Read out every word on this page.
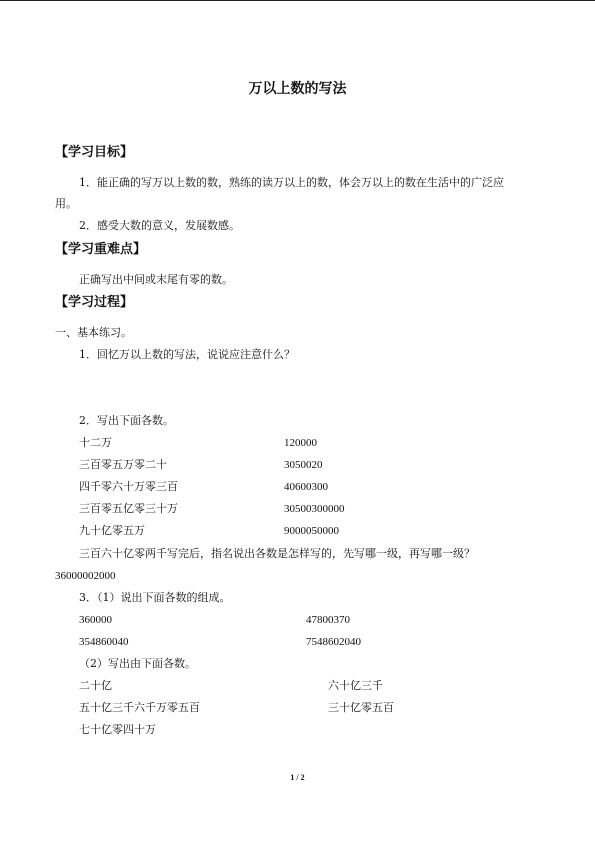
万以上数的写法
【学习目标】
1．能正确的写万以上数的数，熟练的读万以上的数，体会万以上的数在生活中的广泛应
用。
2．感受大数的意义，发展数感。
【学习重难点】
正确写出中间或末尾有零的数。
【学习过程】
一、基本练习。
1．回忆万以上数的写法，说说应注意什么？
2．写出下面各数。
十二万	120000
三百零五万零二十	3050020
四千零六十万零三百	40600300
三百零五亿零三十万	30500300000
九十亿零五万	9000050000
三百六十亿零两千写完后，指名说出各数是怎样写的，先写哪一级，再写哪一级？
36000002000
3．（1）说出下面各数的组成。
360000	47800370
354860040	7548602040
（2）写出由下面各数。
二十亿	六十亿三千
五十亿三千六千万零五百	三十亿零五百
七十亿零四十万
1 / 2
